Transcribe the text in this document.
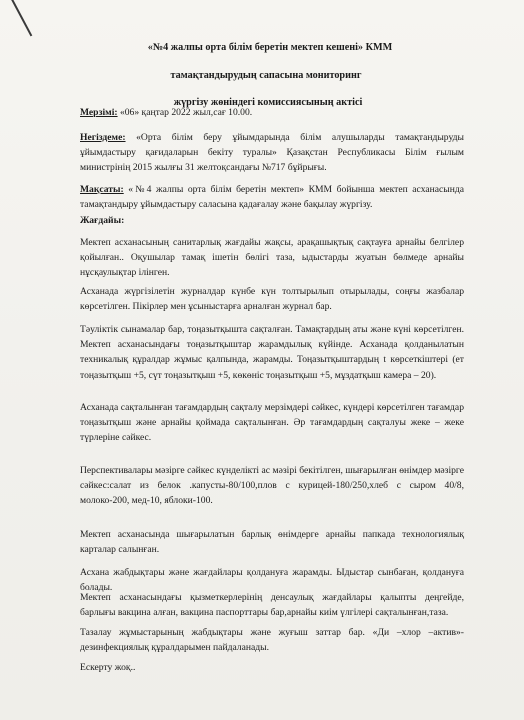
«№4 жалпы орта білім беретін мектеп кешені» КММ
тамақтандырудың сапасына мониторинг
жүргізу жөніндегі комиссиясының актісі
Мерзімі: «06» қаңтар 2022 жыл,сағ 10.00.
Негіздеме: «Орта білім беру ұйымдарында білім алушыларды тамақтандыруды ұйымдастыру қағидаларын бекіту туралы» Қазақстан Республикасы Білім ғылым министрінің 2015 жылғы 31 желтоқсандағы №717 бұйрығы.
Мақсаты: «№4 жалпы орта білім беретін мектеп» КММ бойынша мектеп асханасында тамақтандыру ұйымдастыру саласына қадағалау және бақылау жүргізу.
Жағдайы:
Мектеп асханасының санитарлық жағдайы жақсы, арақашықтық сақтауға арнайы белгілер қойылған.. Оқушылар тамақ ішетін бөлігі таза, ыдыстарды жуатын бөлмеде арнайы нұсқаулықтар ілінген.
Асханада жүргізілетін журналдар күнбе күн толтырылып отырылады, соңғы жазбалар көрсетілген. Пікірлер мен ұсыныстарға арналған журнал бар.
Тәуліктік сынамалар бар, тоңазытқышта сақталған. Тамақтардың аты және күні көрсетілген. Мектеп асханасындағы тоңазытқыштар жарамдылық күйінде. Асханада қолданылатын техникалық құралдар жұмыс қалпында, жарамды. Тоңазытқыштардың t көрсеткіштері (ет тоңазытқыш +5, сүт тоңазытқыш +5, көкөніс тоңазытқыш +5, мұздатқыш камера – 20).
Асханада сақталынған тағамдардың сақталу мерзімдері сәйкес, күндері көрсетілген тағамдар тоңазытқыш және арнайы қоймада сақталынған. Әр тағамдардың сақталуы жеке – жеке түрлеріне сәйкес.
Перспективалары мәзірге сәйкес күнделікті ас мәзірі бекітілген, шығарылған өнімдер мәзірге сәйкес:салат из белок .капусты-80/100,плов с курицей-180/250,хлеб с сыром 40/8, молоко-200, мед-10, яблоки-100.
Мектеп асханасында шығарылатын барлық өнімдерге арнайы папкада технологиялық карталар салынған.
Асхана жабдықтары және жағдайлары қолдануға жарамды. Ыдыстар сынбаған, қолдануға болады.
Мектеп асханасындағы қызметкерлерінің денсаулық жағдайлары қалыпты деңгейде, барлығы вакцина алған, вакцина паспорттары бар,арнайы киім үлгілері сақталынған,таза.
Тазалау жұмыстарының жабдықтары және жуғыш заттар бар. «Ди –хлор –актив»-дезинфекциялық құралдарымен пайдаланады.
Ескерту жоқ..
